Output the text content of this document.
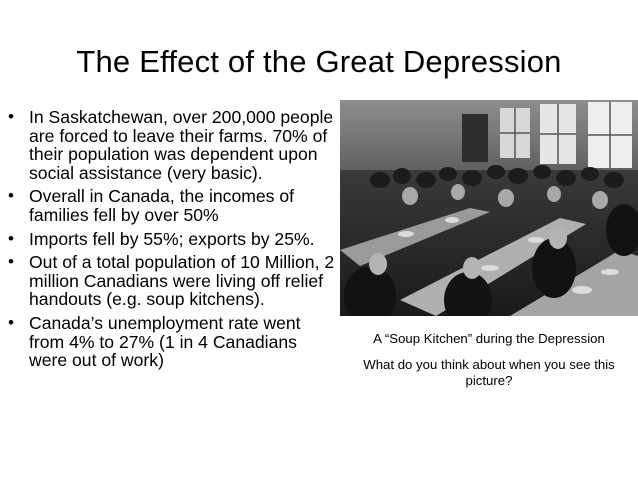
The Effect of the Great Depression
• In Saskatchewan, over 200,000 people are forced to leave their farms. 70% of their population was dependent upon social assistance (very basic).
• Overall in Canada, the incomes of families fell by over 50%
• Imports fell by 55%; exports by 25%.
• Out of a total population of 10 Million, 2 million Canadians were living off relief handouts (e.g. soup kitchens).
• Canada’s unemployment rate went from 4% to 27% (1 in 4 Canadians were out of work)
A “Soup Kitchen” during the Depression
What do you think about when you see this picture?
